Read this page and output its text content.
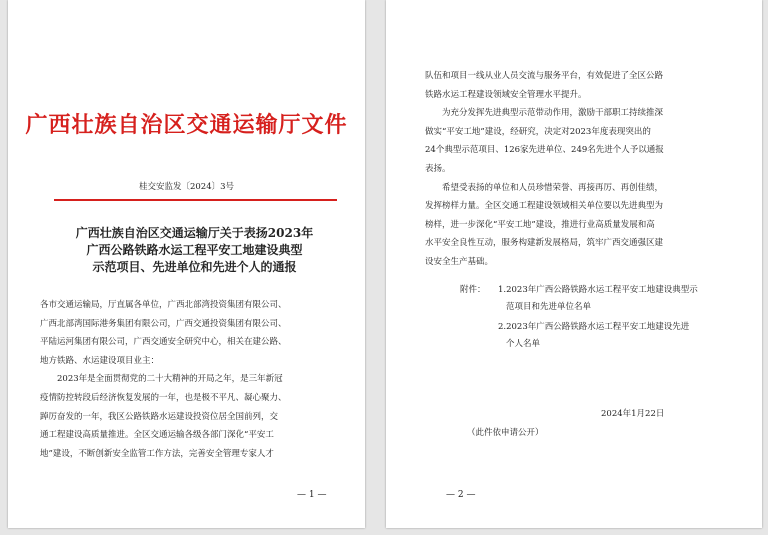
广西壮族自治区交通运输厅文件
桂交安监发〔2024〕3号
广西壮族自治区交通运输厅关于表扬2023年
广西公路铁路水运工程平安工地建设典型
示范项目、先进单位和先进个人的通报
各市交通运输局，厅直属各单位，广西北部湾投资集团有限公司、
广西北部湾国际港务集团有限公司，广西交通投资集团有限公司、
平陆运河集团有限公司，广西交通安全研究中心，相关在建公路、
地方铁路、水运建设项目业主：
　　2023年是全面贯彻党的二十大精神的开局之年，是三年新冠
疫情防控转段后经济恢复发展的一年，也是极不平凡、凝心聚力、
踔厉奋发的一年，我区公路铁路水运建设投资位居全国前列，交
通工程建设高质量推进。全区交通运输各级各部门深化“平安工
地”建设，不断创新安全监管工作方法，完善安全管理专家人才
— 1 —
队伍和项目一线从业人员交流与服务平台，有效促进了全区公路
铁路水运工程建设领域安全管理水平提升。
　　为充分发挥先进典型示范带动作用，激励干部职工持续推深
做实“平安工地”建设，经研究，决定对2023年度表现突出的
24个典型示范项目、126家先进单位、249名先进个人予以通报
表扬。
　　希望受表扬的单位和人员珍惜荣誉、再接再厉、再创佳绩，
发挥榜样力量。全区交通工程建设领域相关单位要以先进典型为
榜样，进一步深化“平安工地”建设，推进行业高质量发展和高
水平安全良性互动，服务构建新发展格局，筑牢广西交通强区建
设安全生产基础。
附件： 1.2023年广西公路铁路水运工程平安工地建设典型示
范项目和先进单位名单
2.2023年广西公路铁路水运工程平安工地建设先进
个人名单
2024年1月22日
（此件依申请公开）
— 2 —
